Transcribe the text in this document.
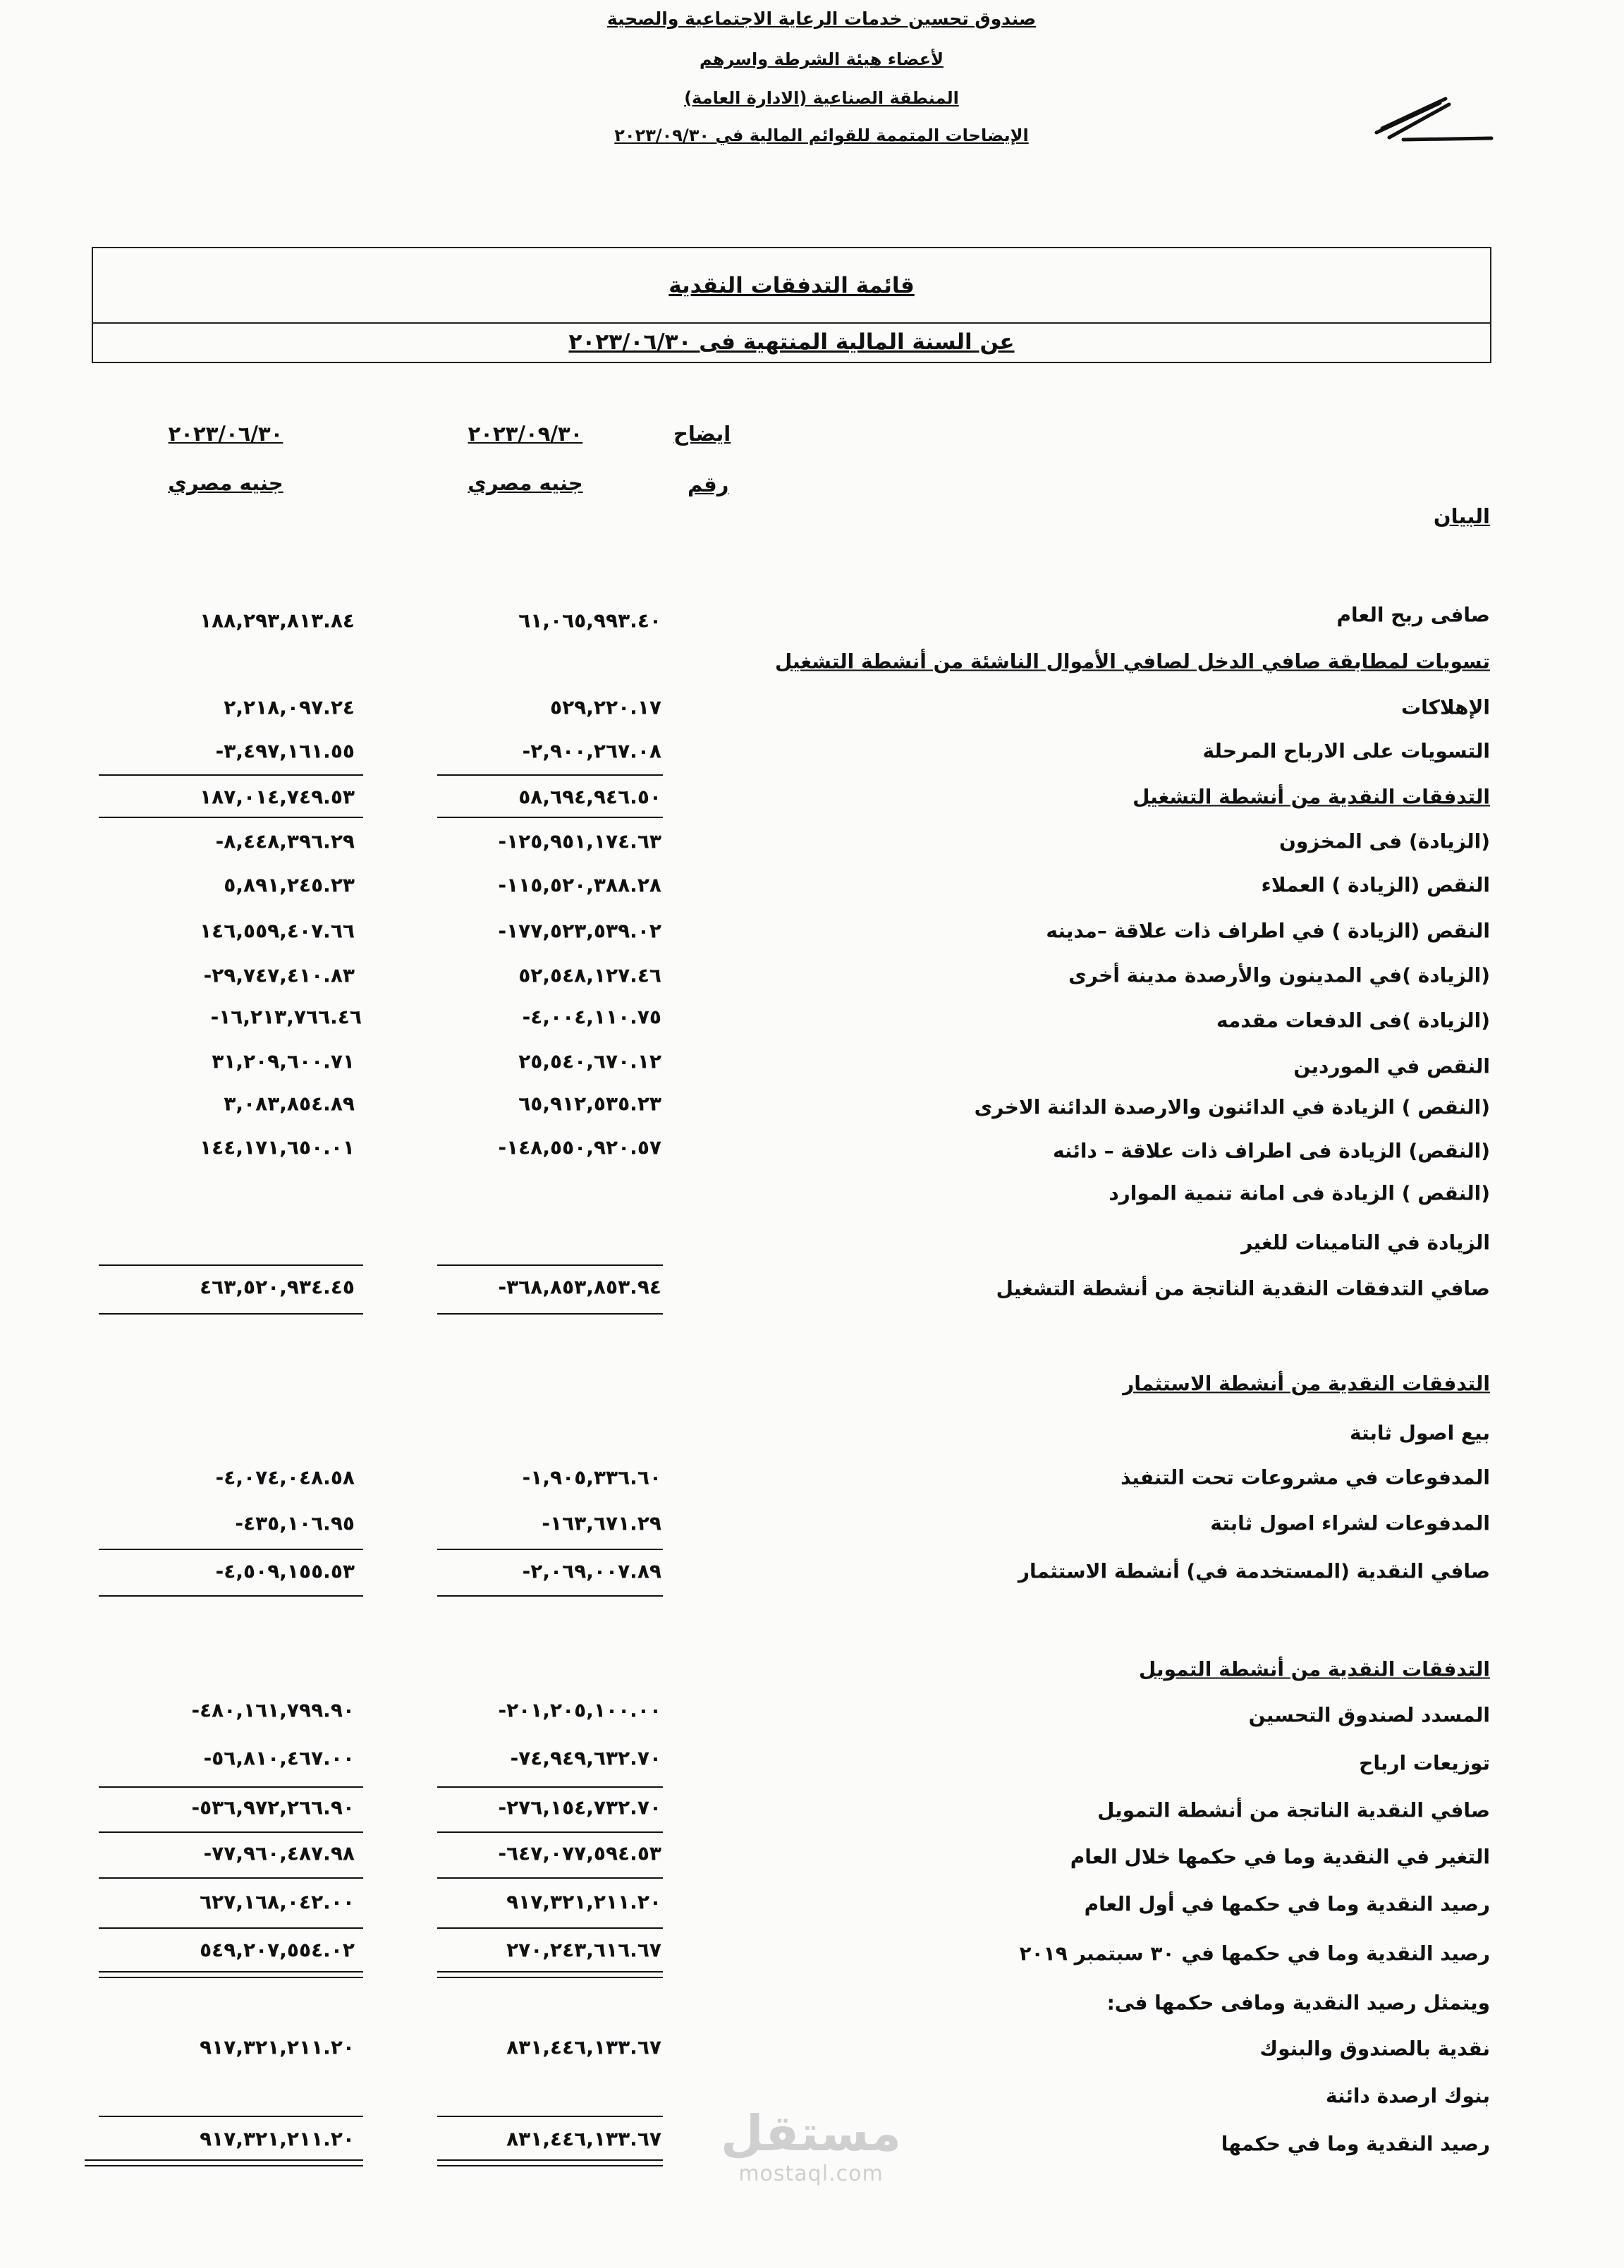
صندوق تحسين خدمات الرعاية الاجتماعية والصحية
لأعضاء هيئة الشرطة واسرهم
المنطقة الصناعية (الادارة العامة)
الإيضاحات المتممة للقوائم المالية في ٢٠٢٣/٠٩/٣٠
قائمة التدفقات النقدية
عن السنة المالية المنتهية فى ٢٠٢٣/٠٦/٣٠
ايضاح
رقم
٢٠٢٣/٠٩/٣٠
جنيه مصري
٢٠٢٣/٠٦/٣٠
جنيه مصري
البيان
صافى ربح العام
٦١,٠٦٥,٩٩٣.٤٠
١٨٨,٢٩٣,٨١٣.٨٤
تسويات لمطابقة صافي الدخل لصافي الأموال الناشئة من أنشطة التشغيل
الإهلاكات
٥٢٩,٢٢٠.١٧
٢,٢١٨,٠٩٧.٢٤
التسويات على الارباح المرحلة
-٢,٩٠٠,٢٦٧.٠٨
-٣,٤٩٧,١٦١.٥٥
التدفقات النقدية من أنشطة التشغيل
٥٨,٦٩٤,٩٤٦.٥٠
١٨٧,٠١٤,٧٤٩.٥٣
(الزيادة) فى المخزون
-١٢٥,٩٥١,١٧٤.٦٣
-٨,٤٤٨,٣٩٦.٢٩
النقص (الزيادة ) العملاء
-١١٥,٥٢٠,٣٨٨.٢٨
٥,٨٩١,٢٤٥.٢٣
النقص (الزيادة ) في اطراف ذات علاقة –مدينه
-١٧٧,٥٢٣,٥٣٩.٠٢
١٤٦,٥٥٩,٤٠٧.٦٦
(الزيادة )في المدينون والأرصدة مدينة أخرى
٥٢,٥٤٨,١٢٧.٤٦
-٢٩,٧٤٧,٤١٠.٨٣
(الزيادة )فى الدفعات مقدمه
-٤,٠٠٤,١١٠.٧٥
-١٦,٢١٣,٧٦٦.٤٦
النقص في الموردين
٢٥,٥٤٠,٦٧٠.١٢
٣١,٢٠٩,٦٠٠.٧١
(النقص ) الزيادة في الدائنون والارصدة الدائنة الاخرى
٦٥,٩١٢,٥٣٥.٢٣
٣,٠٨٣,٨٥٤.٨٩
(النقص) الزيادة فى اطراف ذات علاقة – دائنه
-١٤٨,٥٥٠,٩٢٠.٥٧
١٤٤,١٧١,٦٥٠.٠١
(النقص ) الزيادة فى امانة تنمية الموارد
الزيادة في التامينات للغير
صافي التدفقات النقدية الناتجة من أنشطة التشغيل
-٣٦٨,٨٥٣,٨٥٣.٩٤
٤٦٣,٥٢٠,٩٣٤.٤٥
التدفقات النقدية من أنشطة الاستثمار
بيع اصول ثابتة
المدفوعات في مشروعات تحت التنفيذ
-١,٩٠٥,٣٣٦.٦٠
-٤,٠٧٤,٠٤٨.٥٨
المدفوعات لشراء اصول ثابتة
-١٦٣,٦٧١.٢٩
-٤٣٥,١٠٦.٩٥
صافي النقدية (المستخدمة في) أنشطة الاستثمار
-٢,٠٦٩,٠٠٧.٨٩
-٤,٥٠٩,١٥٥.٥٣
التدفقات النقدية من أنشطة التمويل
المسدد لصندوق التحسين
-٢٠١,٢٠٥,١٠٠.٠٠
-٤٨٠,١٦١,٧٩٩.٩٠
توزيعات ارباح
-٧٤,٩٤٩,٦٣٢.٧٠
-٥٦,٨١٠,٤٦٧.٠٠
صافي النقدية الناتجة من أنشطة التمويل
-٢٧٦,١٥٤,٧٣٢.٧٠
-٥٣٦,٩٧٢,٢٦٦.٩٠
التغير في النقدية وما في حكمها خلال العام
-٦٤٧,٠٧٧,٥٩٤.٥٣
-٧٧,٩٦٠,٤٨٧.٩٨
رصيد النقدية وما في حكمها في أول العام
٩١٧,٣٢١,٢١١.٢٠
٦٢٧,١٦٨,٠٤٢.٠٠
رصيد النقدية وما في حكمها في ٣٠ سبتمبر ٢٠١٩
٢٧٠,٢٤٣,٦١٦.٦٧
٥٤٩,٢٠٧,٥٥٤.٠٢
ويتمثل رصيد النقدية ومافى حكمها فى:
نقدية بالصندوق والبنوك
٨٣١,٤٤٦,١٣٣.٦٧
٩١٧,٣٢١,٢١١.٢٠
بنوك ارصدة دائنة
رصيد النقدية وما في حكمها
٨٣١,٤٤٦,١٣٣.٦٧
٩١٧,٣٢١,٢١١.٢٠	مستقل
mostaql.com
